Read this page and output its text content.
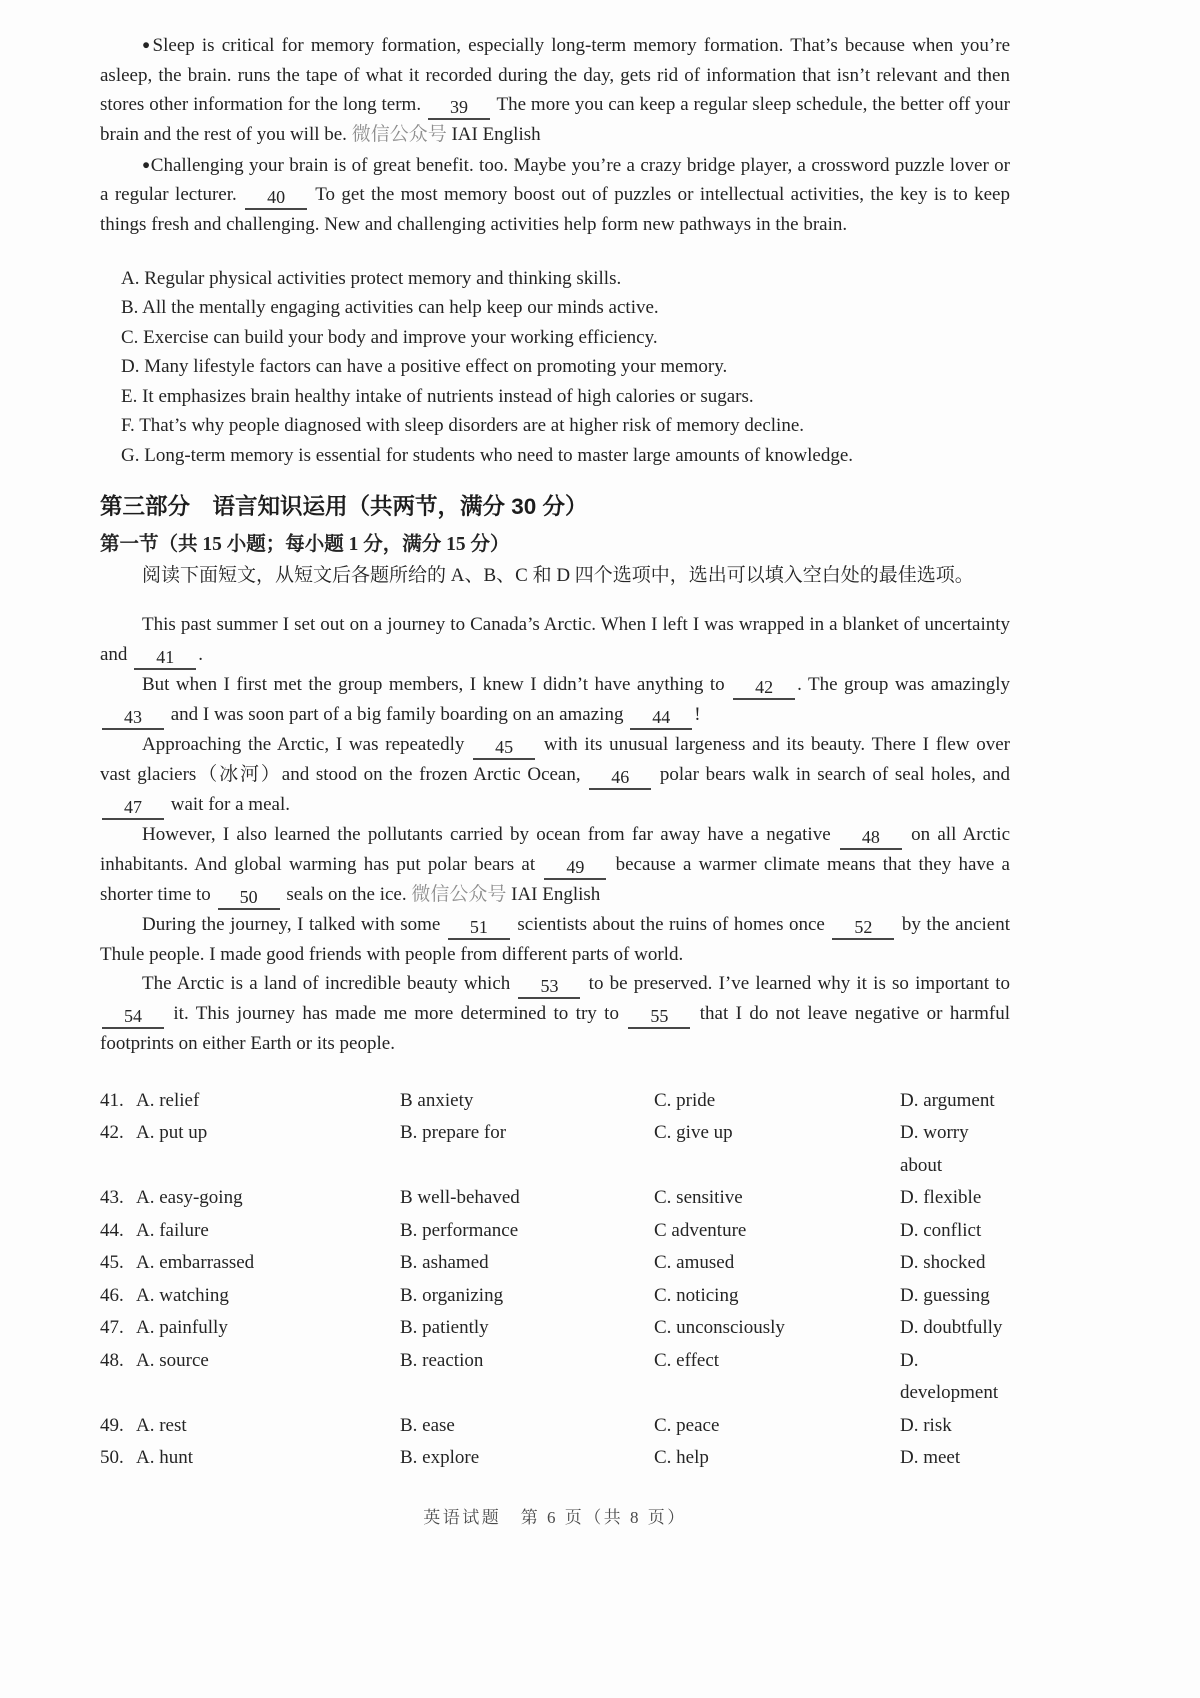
●Sleep is critical for memory formation, especially long-term memory formation. That’s because when you’re asleep, the brain. runs the tape of what it recorded during the day, gets rid of information that isn’t relevant and then stores other information for the long term. 39 The more you can keep a regular sleep schedule, the better off your brain and the rest of you will be. 微信公众号 IAI English

●Challenging your brain is of great benefit. too. Maybe you’re a crazy bridge player, a crossword puzzle lover or a regular lecturer. 40 To get the most memory boost out of puzzles or intellectual activities, the key is to keep things fresh and challenging. New and challenging activities help form new pathways in the brain.

A. Regular physical activities protect memory and thinking skills.
B. All the mentally engaging activities can help keep our minds active.
C. Exercise can build your body and improve your working efficiency.
D. Many lifestyle factors can have a positive effect on promoting your memory.
E. It emphasizes brain healthy intake of nutrients instead of high calories or sugars.
F. That’s why people diagnosed with sleep disorders are at higher risk of memory decline.
G. Long-term memory is essential for students who need to master large amounts of knowledge.
第三部分　语言知识运用（共两节，满分 30 分）
第一节（共 15 小题；每小题 1 分，满分 15 分）

阅读下面短文，从短文后各题所给的 A、B、C 和 D 四个选项中，选出可以填入空白处的最佳选项。

This past summer I set out on a journey to Canada’s Arctic. When I left I was wrapped in a blanket of uncertainty and 41 .

But when I first met the group members, I knew I didn’t have anything to 42 . The group was amazingly 43 and I was soon part of a big family boarding on an amazing 44 !

Approaching the Arctic, I was repeatedly 45 with its unusual largeness and its beauty. There I flew over vast glaciers（冰河）and stood on the frozen Arctic Ocean, 46 polar bears walk in search of seal holes, and 47 wait for a meal.

However, I also learned the pollutants carried by ocean from far away have a negative 48 on all Arctic inhabitants. And global warming has put polar bears at 49 because a warmer climate means that they have a shorter time to 50 seals on the ice. 微信公众号 IAI English

During the journey, I talked with some 51 scientists about the ruins of homes once 52 by the ancient Thule people. I made good friends with people from different parts of world.

The Arctic is a land of incredible beauty which 53 to be preserved. I’ve learned why it is so important to 54 it. This journey has made me more determined to try to 55 that I do not leave negative or harmful footprints on either Earth or its people.

41. A. relief	B anxiety	C. pride	D. argument
42. A. put up	B. prepare for	C. give up	D. worry about
43. A. easy-going	B well-behaved	C. sensitive	D. flexible
44. A. failure	B. performance	C adventure	D. conflict
45. A. embarrassed	B. ashamed	C. amused	D. shocked
46. A. watching	B. organizing	C. noticing	D. guessing
47. A. painfully	B. patiently	C. unconsciously	D. doubtfully
48. A. source	B. reaction	C. effect	D. development
49. A. rest	B. ease	C. peace	D. risk
50. A. hunt	B. explore	C. help	D. meet
英语试题　第 6 页（共 8 页）
